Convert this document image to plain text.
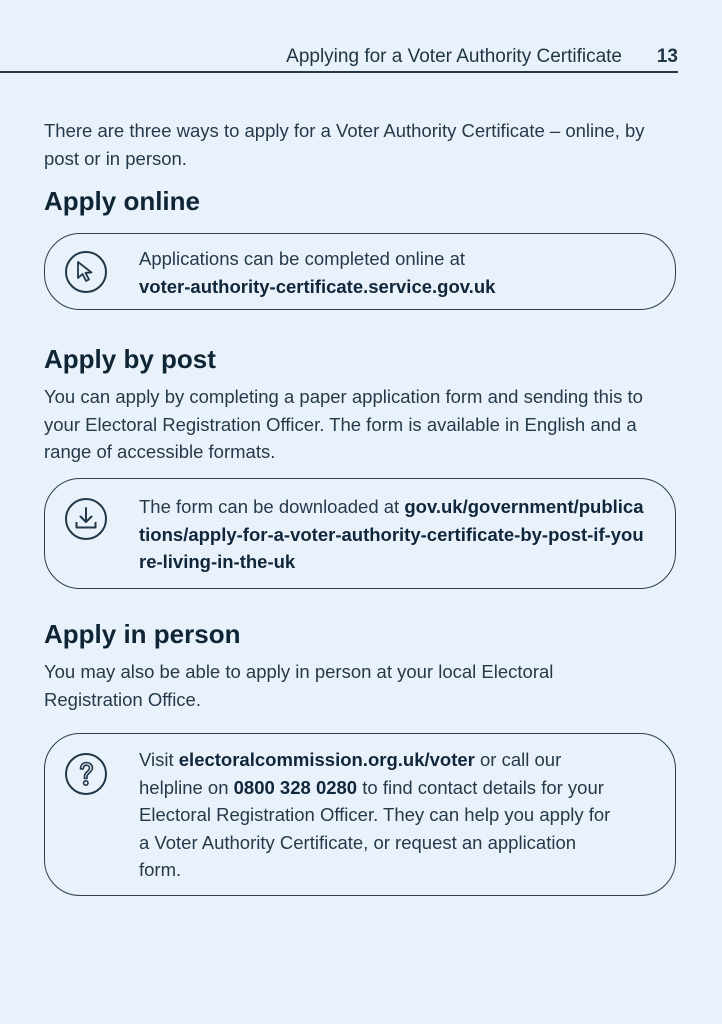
Applying for a Voter Authority Certificate 13

There are three ways to apply for a Voter Authority Certificate – online, by post or in person.

Apply online
Applications can be completed online at
voter-authority-certificate.service.gov.uk
Apply by post

You can apply by completing a paper application form and sending this to your Electoral Registration Officer. The form is available in English and a range of accessible formats.

The form can be downloaded at gov.uk/government/publications/apply-for-a-voter-authority-certificate-by-post-if-youre-living-in-the-uk
Apply in person

You may also be able to apply in person at your local Electoral Registration Office.

Visit electoralcommission.org.uk/voter or call our helpline on 0800 328 0280 to find contact details for your Electoral Registration Officer. They can help you apply for a Voter Authority Certificate, or request an application form.
